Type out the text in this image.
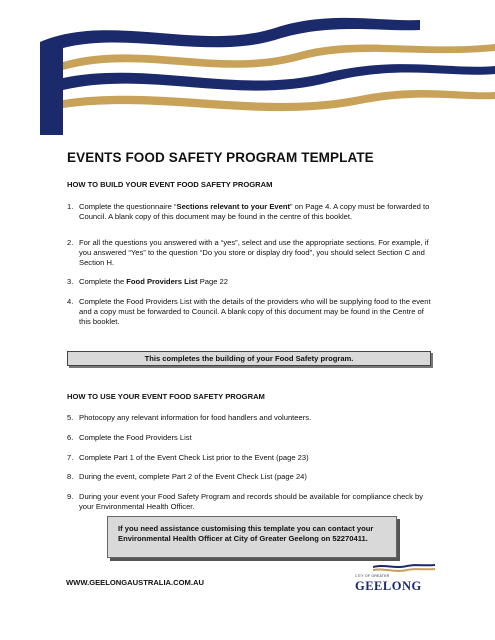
EVENTS FOOD SAFETY PROGRAM TEMPLATE
HOW TO BUILD YOUR EVENT FOOD SAFETY PROGRAM
1. Complete the questionnaire “Sections relevant to your Event” on Page 4. A copy must be forwarded to Council. A blank copy of this document may be found in the centre of this booklet.
2. For all the questions you answered with a “yes”, select and use the appropriate sections. For example, if you answered “Yes” to the question “Do you store or display dry food”, you should select Section C and Section H.
3. Complete the Food Providers List Page 22
4. Complete the Food Providers List with the details of the providers who will be supplying food to the event and a copy must be forwarded to Council. A blank copy of this document may be found in the Centre of this booklet.
This completes the building of your Food Safety program.
HOW TO USE YOUR EVENT FOOD SAFETY PROGRAM
5. Photocopy any relevant information for food handlers and volunteers.
6. Complete the Food Providers List
7. Complete Part 1 of the Event Check List prior to the Event (page 23)
8. During the event, complete Part 2 of the Event Check List (page 24)
9. During your event your Food Safety Program and records should be available for compliance check by your Environmental Health Officer.
If you need assistance customising this template you can contact your Environmental Health Officer at City of Greater Geelong on 52270411.
WWW.GEELONGAUSTRALIA.COM.AU
CITY OF GREATER
GEELONG
